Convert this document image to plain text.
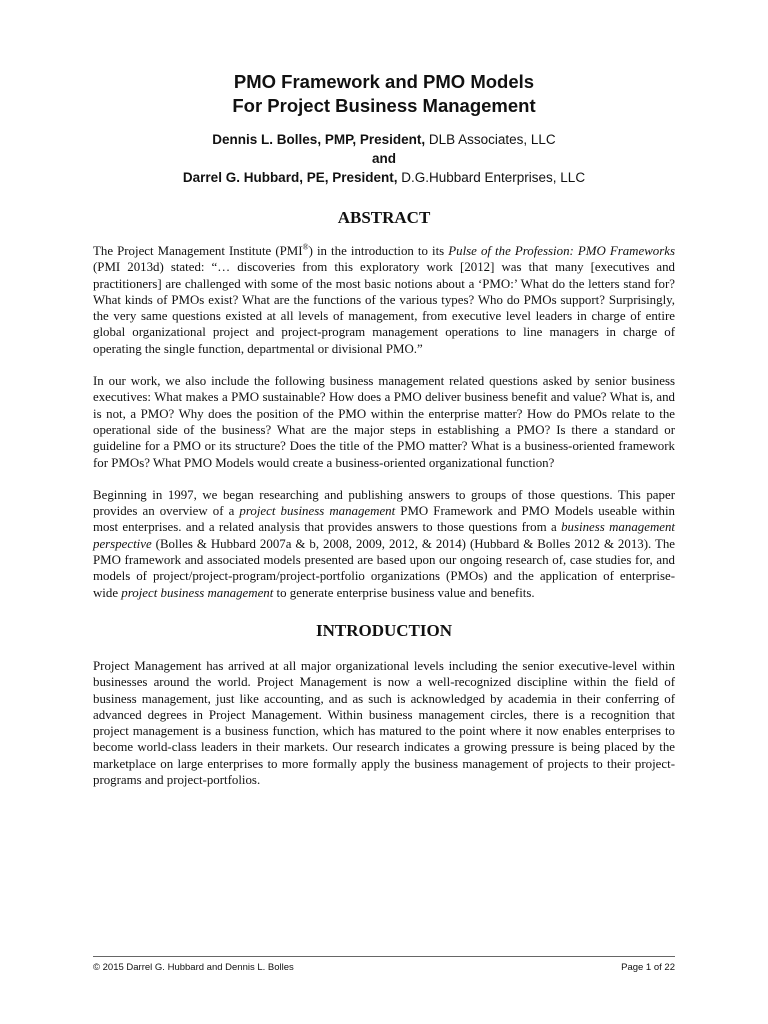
PMO Framework and PMO Models
For Project Business Management
Dennis L. Bolles, PMP, President, DLB Associates, LLC
and
Darrel G. Hubbard, PE, President, D.G.Hubbard Enterprises, LLC
ABSTRACT

The Project Management Institute (PMI®) in the introduction to its Pulse of the Profession: PMO Frameworks (PMI 2013d) stated: “… discoveries from this exploratory work [2012] was that many [executives and practitioners] are challenged with some of the most basic notions about a ‘PMO:’ What do the letters stand for? What kinds of PMOs exist? What are the functions of the various types? Who do PMOs support? Surprisingly, the very same questions existed at all levels of management, from executive level leaders in charge of entire global organizational project and project-program management operations to line managers in charge of operating the single function, departmental or divisional PMO.”

In our work, we also include the following business management related questions asked by senior business executives: What makes a PMO sustainable? How does a PMO deliver business benefit and value? What is, and is not, a PMO? Why does the position of the PMO within the enterprise matter? How do PMOs relate to the operational side of the business? What are the major steps in establishing a PMO? Is there a standard or guideline for a PMO or its structure? Does the title of the PMO matter? What is a business-oriented framework for PMOs? What PMO Models would create a business-oriented organizational function?

Beginning in 1997, we began researching and publishing answers to groups of those questions. This paper provides an overview of a project business management PMO Framework and PMO Models useable within most enterprises. and a related analysis that provides answers to those questions from a business management perspective (Bolles & Hubbard 2007a & b, 2008, 2009, 2012, & 2014) (Hubbard & Bolles 2012 & 2013). The PMO framework and associated models presented are based upon our ongoing research of, case studies for, and models of project/project-program/project-portfolio organizations (PMOs) and the application of enterprise-wide project business management to generate enterprise business value and benefits.

INTRODUCTION

Project Management has arrived at all major organizational levels including the senior executive-level within businesses around the world. Project Management is now a well-recognized discipline within the field of business management, just like accounting, and as such is acknowledged by academia in their conferring of advanced degrees in Project Management. Within business management circles, there is a recognition that project management is a business function, which has matured to the point where it now enables enterprises to become world-class leaders in their markets. Our research indicates a growing pressure is being placed by the marketplace on large enterprises to more formally apply the business management of projects to their project-programs and project-portfolios.

© 2015 Darrel G. Hubbard and Dennis L. Bolles	Page 1 of 22
